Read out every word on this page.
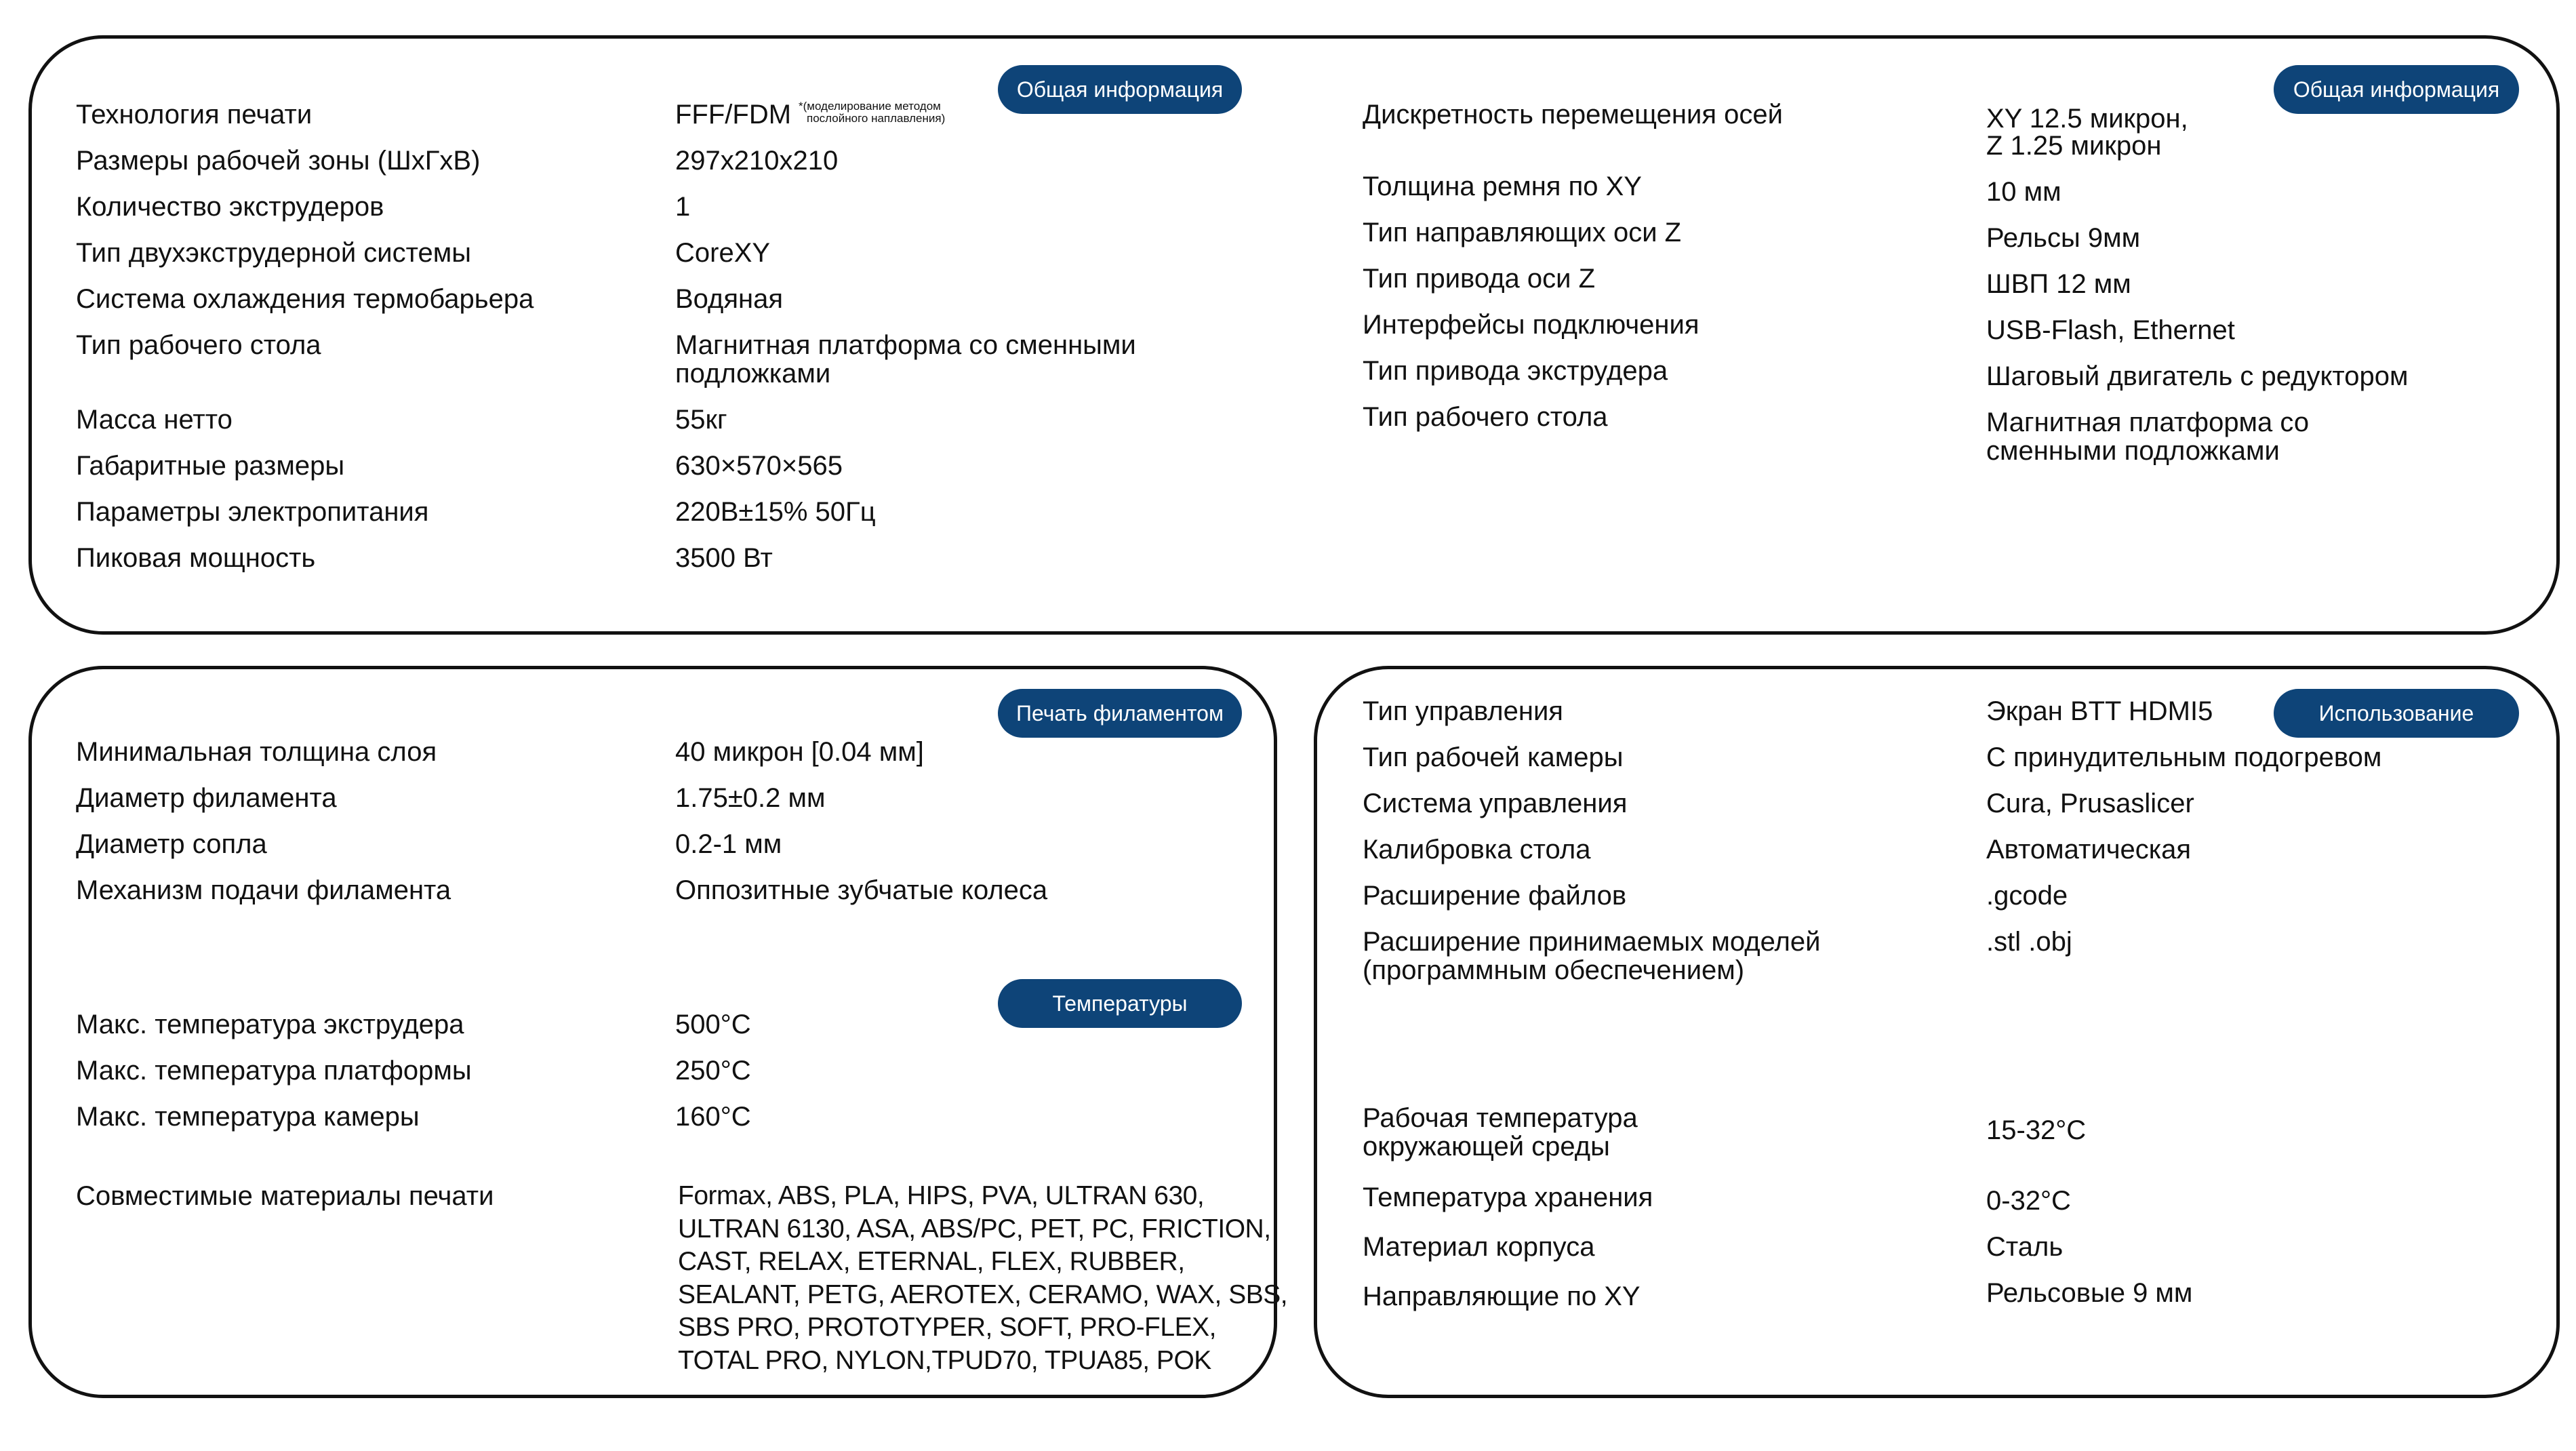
Общая информация	Общая информация
Технология печати
Размеры рабочей зоны (ШхГхВ)
Количество экструдеров
Тип двухэкструдерной системы
Система охлаждения термобарьера
Тип рабочего стола
Масса нетто
Габаритные размеры
Параметры электропитания
Пиковая мощность
FFF/FDM *(моделирование методом
послойного наплавления)
297x210x210
1
CoreXY
Водяная
Магнитная платформа со сменными
подложками
55кг
630×570×565
220В±15% 50Гц
3500 Вт
Дискретность перемещения осей
Толщина ремня по XY
Тип направляющих оси Z
Тип привода оси Z
Интерфейсы подключения
Тип привода экструдера
Тип рабочего стола
XY 12.5 микрон,
Z 1.25 микрон
10 мм
Рельсы 9мм
ШВП 12 мм
USB-Flash, Ethernet
Шаговый двигатель с редуктором
Магнитная платформа со
сменными подложками
Печать филаментом
Минимальная толщина слоя
Диаметр филамента
Диаметр сопла
Механизм подачи филамента
40 микрон [0.04 мм]
1.75±0.2 мм
0.2-1 мм
Оппозитные зубчатые колеса
Температуры
Макс. температура экструдера
Макс. температура платформы
Макс. температура камеры
500°C
250°C
160°C
Совместимые материалы печати	Formax, ABS, PLA, HIPS, PVA, ULTRAN 630,
ULTRAN 6130, ASA, ABS/PC, PET, PC, FRICTION,
CAST, RELAX, ETERNAL, FLEX, RUBBER,
SEALANT, PETG, AEROTEX, CERAMO, WAX, SBS,
SBS PRO, PROTOTYPER, SOFT, PRO-FLEX,
TOTAL PRO, NYLON,TPUD70, TPUA85, POK
Использование
Тип управления
Тип рабочей камеры
Система управления
Калибровка стола
Расширение файлов
Расширение принимаемых моделей
(программным обеспечением)
Рабочая температура
окружающей среды
Температура хранения
Материал корпуса
Направляющие по XY
Экран BTT HDMI5
С принудительным подогревом
Cura, Prusaslicer
Автоматическая
.gcode
.stl .obj
15-32°C
0-32°C
Сталь
Рельсовые 9 мм
